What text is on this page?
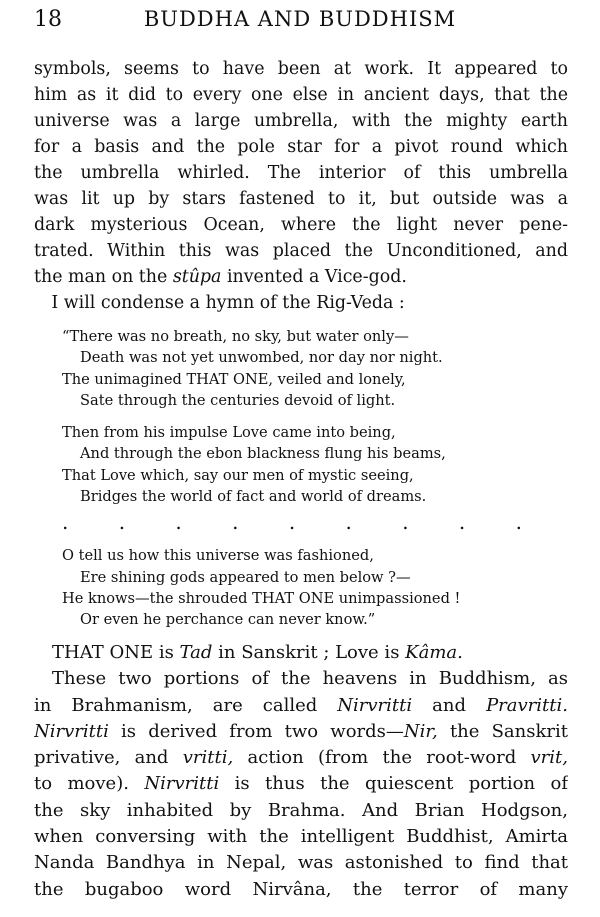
18	BUDDHA AND BUDDHISM
symbols, seems to have been at work. It appeared to
him as it did to every one else in ancient days, that the
universe was a large umbrella, with the mighty earth
for a basis and the pole star for a pivot round which
the umbrella whirled. The interior of this umbrella
was lit up by stars fastened to it, but outside was a
dark mysterious Ocean, where the light never pene-
trated. Within this was placed the Unconditioned, and
the man on the stûpa invented a Vice-god.
I will condense a hymn of the Rig-Veda :
“There was no breath, no sky, but water only—
Death was not yet unwombed, nor day nor night.
The unimagined THAT ONE, veiled and lonely,
Sate through the centuries devoid of light.
Then from his impulse Love came into being,
And through the ebon blackness flung his beams,
That Love which, say our men of mystic seeing,
Bridges the world of fact and world of dreams.
.	.	.	.	.	.	.	.	.
O tell us how this universe was fashioned,
Ere shining gods appeared to men below ?—
He knows—the shrouded THAT ONE unimpassioned !
Or even he perchance can never know.”
THAT ONE is Tad in Sanskrit ; Love is Kâma.
These two portions of the heavens in Buddhism, as
in Brahmanism, are called Nirvritti and Pravritti.
Nirvritti is derived from two words—Nir, the Sanskrit
privative, and vritti, action (from the root-word vrit,
to move). Nirvritti is thus the quiescent portion of
the sky inhabited by Brahma. And Brian Hodgson,
when conversing with the intelligent Buddhist, Amirta
Nanda Bandhya in Nepal, was astonished to find that
the bugaboo word Nirvâna, the terror of many
